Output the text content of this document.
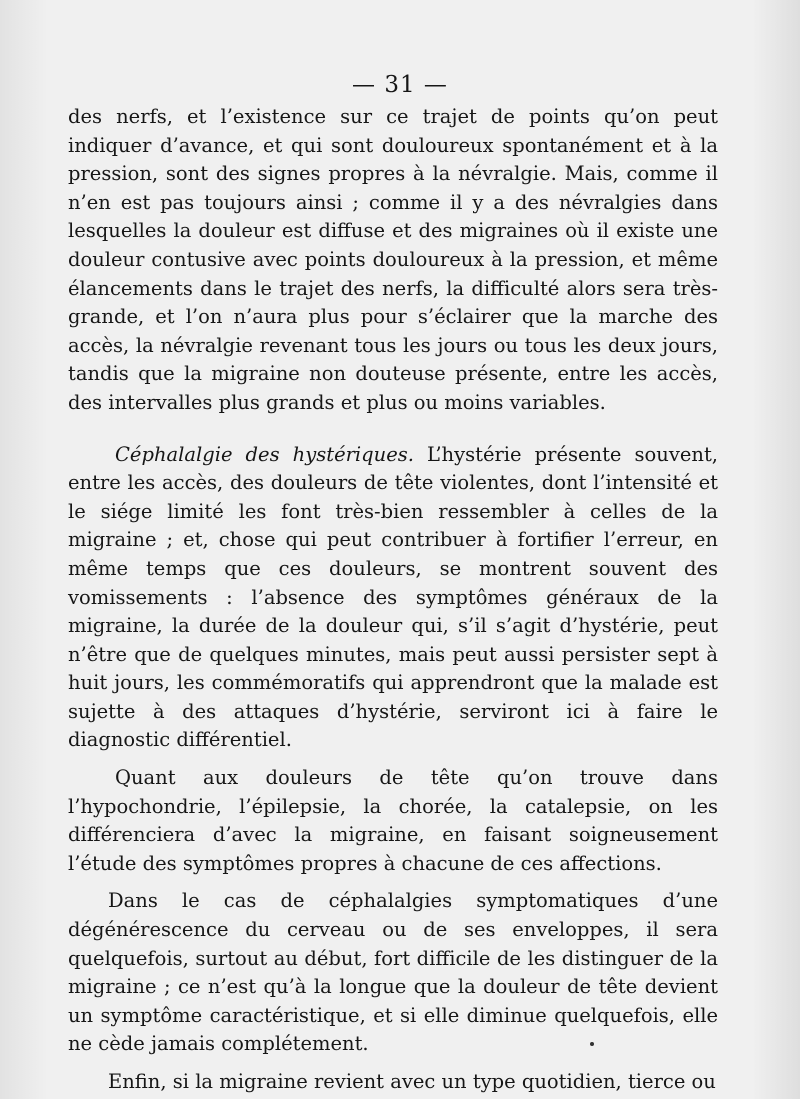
— 31 —

des nerfs, et l’existence sur ce trajet de points qu’on peut indiquer d’avance, et qui sont douloureux spontanément et à la pression, sont des signes propres à la névralgie. Mais, comme il n’en est pas toujours ainsi ; comme il y a des névralgies dans lesquelles la douleur est diffuse et des migraines où il existe une douleur contusive avec points douloureux à la pression, et même élancements dans le trajet des nerfs, la difficulté alors sera très-grande, et l’on n’aura plus pour s’éclairer que la marche des accès, la névralgie revenant tous les jours ou tous les deux jours, tandis que la migraine non douteuse présente, entre les accès, des intervalles plus grands et plus ou moins variables.

Céphalalgie des hystériques. L’hystérie présente souvent, entre les accès, des douleurs de tête violentes, dont l’intensité et le siége limité les font très-bien ressembler à celles de la migraine ; et, chose qui peut contribuer à fortifier l’erreur, en même temps que ces douleurs, se montrent souvent des vomissements : l’absence des symptômes généraux de la migraine, la durée de la douleur qui, s’il s’agit d’hystérie, peut n’être que de quelques minutes, mais peut aussi persister sept à huit jours, les commémoratifs qui apprendront que la malade est sujette à des attaques d’hystérie, serviront ici à faire le diagnostic différentiel.

Quant aux douleurs de tête qu’on trouve dans l’hypochondrie, l’épilepsie, la chorée, la catalepsie, on les différenciera d’avec la migraine, en faisant soigneusement l’étude des symptômes propres à chacune de ces affections.

Dans le cas de céphalalgies symptomatiques d’une dégénérescence du cerveau ou de ses enveloppes, il sera quelquefois, surtout au début, fort difficile de les distinguer de la migraine ; ce n’est qu’à la longue que la douleur de tête devient un symptôme caractéristique, et si elle diminue quelquefois, elle ne cède jamais complétement.

Enfin, si la migraine revient avec un type quotidien, tierce ou
